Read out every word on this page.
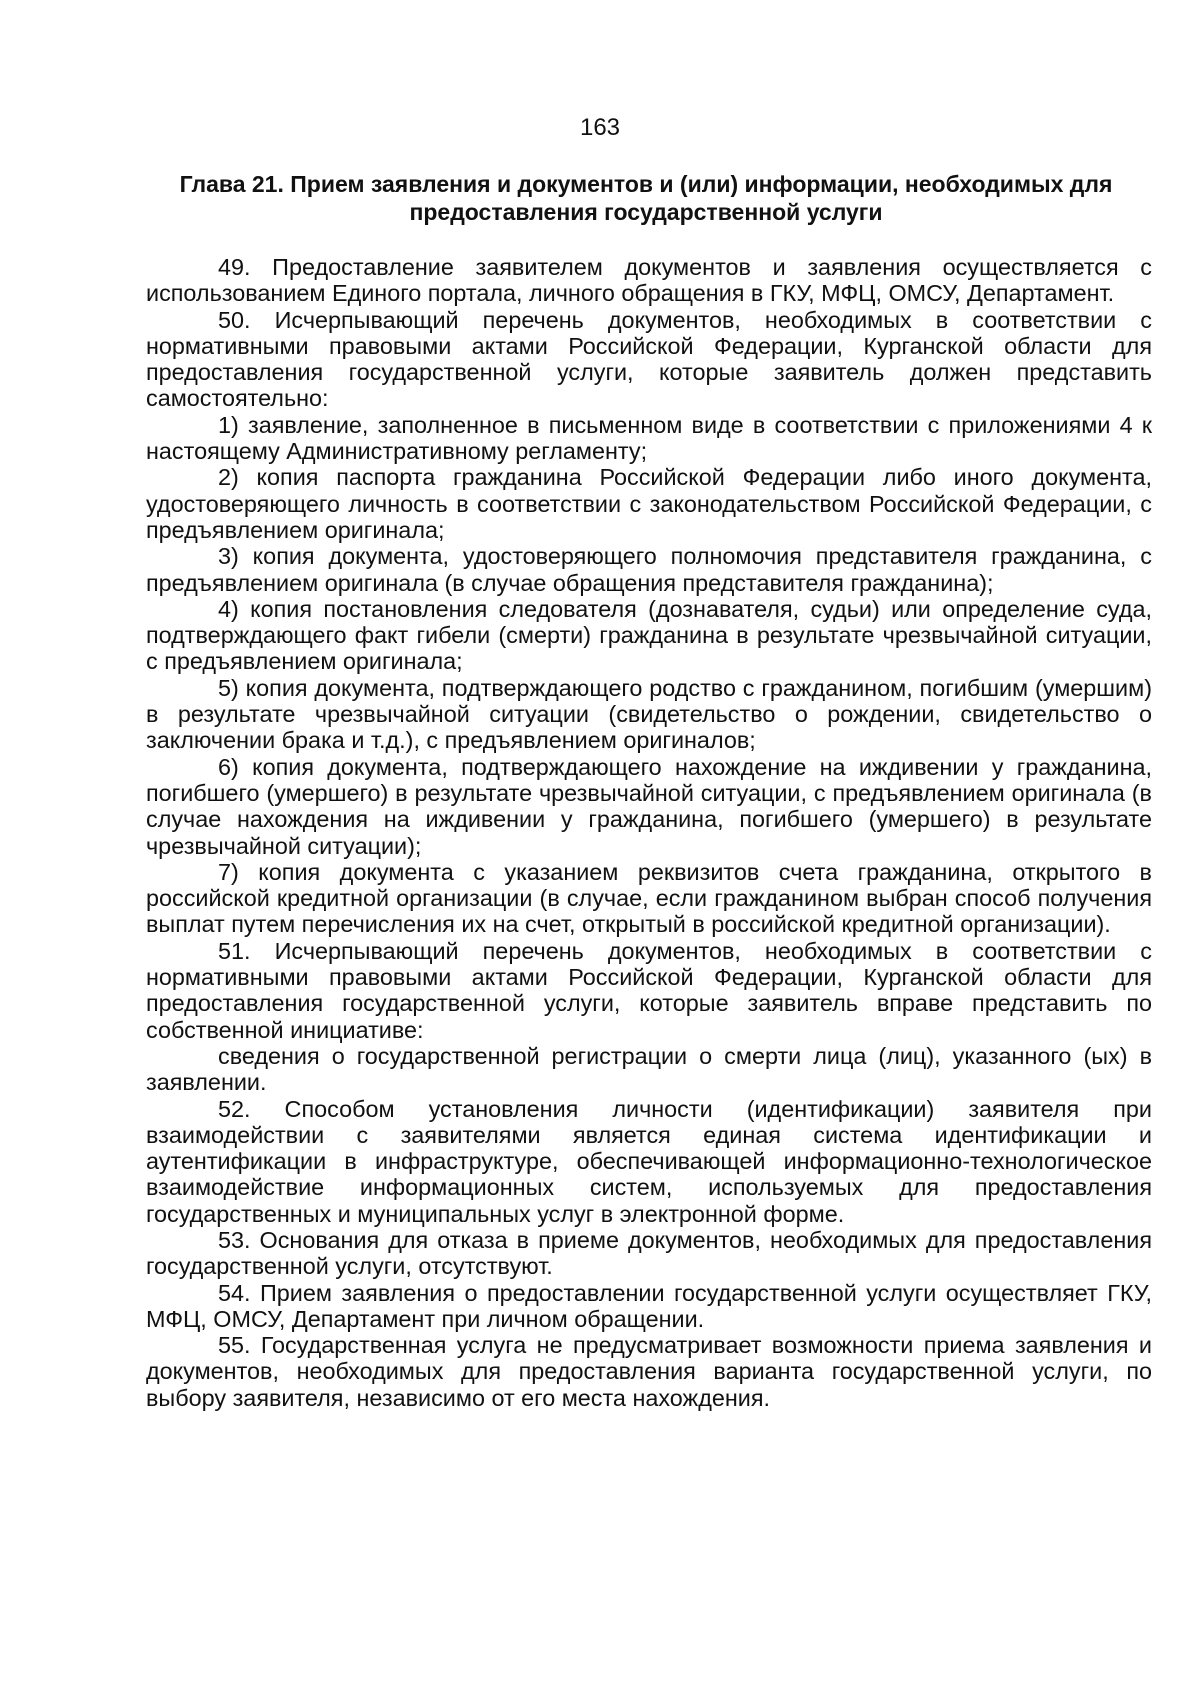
163
Глава 21. Прием заявления и документов и (или) информации, необходимых для предоставления государственной услуги

49. Предоставление заявителем документов и заявления осуществляется с использованием Единого портала, личного обращения в ГКУ, МФЦ, ОМСУ, Департамент.

50. Исчерпывающий перечень документов, необходимых в соответствии с нормативными правовыми актами Российской Федерации, Курганской области для предоставления государственной услуги, которые заявитель должен представить самостоятельно:

1) заявление, заполненное в письменном виде в соответствии с приложениями 4 к настоящему Административному регламенту;

2) копия паспорта гражданина Российской Федерации либо иного документа, удостоверяющего личность в соответствии с законодательством Российской Федерации, с предъявлением оригинала;

3) копия документа, удостоверяющего полномочия представителя гражданина, с предъявлением оригинала (в случае обращения представителя гражданина);

4) копия постановления следователя (дознавателя, судьи) или определение суда, подтверждающего факт гибели (смерти) гражданина в результате чрезвычайной ситуации, с предъявлением оригинала;

5) копия документа, подтверждающего родство с гражданином, погибшим (умершим) в результате чрезвычайной ситуации (свидетельство о рождении, свидетельство о заключении брака и т.д.), с предъявлением оригиналов;

6) копия документа, подтверждающего нахождение на иждивении у гражданина, погибшего (умершего) в результате чрезвычайной ситуации, с предъявлением оригинала (в случае нахождения на иждивении у гражданина, погибшего (умершего) в результате чрезвычайной ситуации);

7) копия документа с указанием реквизитов счета гражданина, открытого в российской кредитной организации (в случае, если гражданином выбран способ получения выплат путем перечисления их на счет, открытый в российской кредитной организации).

51. Исчерпывающий перечень документов, необходимых в соответствии с нормативными правовыми актами Российской Федерации, Курганской области для предоставления государственной услуги, которые заявитель вправе представить по собственной инициативе:

сведения о государственной регистрации о смерти лица (лиц), указанного (ых) в заявлении.

52. Способом установления личности (идентификации) заявителя при взаимодействии с заявителями является единая система идентификации и аутентификации в инфраструктуре, обеспечивающей информационно-технологическое взаимодействие информационных систем, используемых для предоставления государственных и муниципальных услуг в электронной форме.

53. Основания для отказа в приеме документов, необходимых для предоставления государственной услуги, отсутствуют.

54. Прием заявления о предоставлении государственной услуги осуществляет ГКУ, МФЦ, ОМСУ, Департамент при личном обращении.

55. Государственная услуга не предусматривает возможности приема заявления и документов, необходимых для предоставления варианта государственной услуги, по выбору заявителя, независимо от его места нахождения.
